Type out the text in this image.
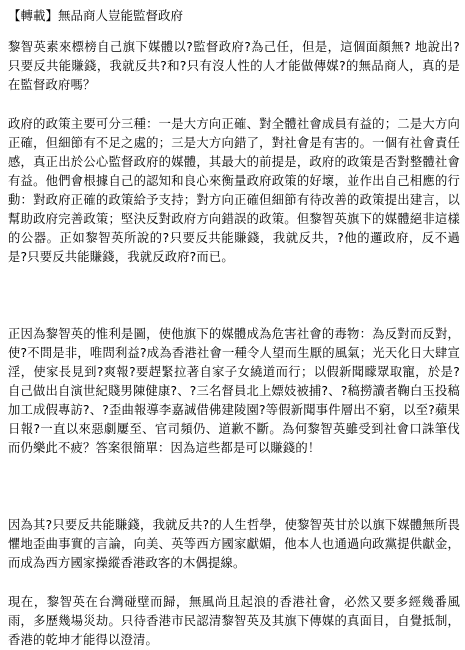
【轉載】無品商人豈能監督政府
黎智英素來標榜自己旗下媒體以?監督政府?為己任，但是，這個面顏無? 地說出?只要反共能賺錢，我就反共?和?只有沒人性的人才能做傳媒?的無品商人，真的是在監督政府嗎？
政府的政策主要可分三種：一是大方向正確、對全體社會成員有益的；二是大方向正確，但細節有不足之處的；三是大方向錯了，對社會是有害的。一個有社會責任感，真正出於公心監督政府的媒體，其最大的前提是，政府的政策是否對整體社會有益。他們會根據自己的認知和良心來衡量政府政策的好壞，並作出自己相應的行動：對政府正確的政策給予支持；對方向正確但細節有待改善的政策提出建言，以幫助政府完善政策；堅決反對政府方向錯誤的政策。但黎智英旗下的媒體絕非這樣的公器。正如黎智英所說的?只要反共能賺錢，我就反共，?他的邏政府，反不過是?只要反共能賺錢，我就反政府?而已。
正因為黎智英的惟利是圖，使他旗下的媒體成為危害社會的毒物：為反對而反對，使?不問是非，唯問利益?成為香港社會一種令人望而生厭的風氣；光天化日大肆宣淫，使家長見到?爽報?要趕緊拉著自家子女繞道而行；以假新聞矇眾取寵，於是?自己做出自演世紀賤男陳健康?、?三名督員北上嫖妓被捕?、?稿撈讀者鞠白玉投稿加工成假專訪?、?歪曲報導李嘉誠借佛建陵園?等假新聞事件層出不窮，以至?蘋果日報?一直以來惡劇屢至、官司頻仍、道歉不斷。為何黎智英雖受到社會口誅筆伐而仍樂此不疲？答案很簡單：因為這些都是可以賺錢的！
因為其?只要反共能賺錢，我就反共?的人生哲學，使黎智英甘於以旗下媒體無所畏懼地歪曲事實的言論，向美、英等西方國家獻媚，他本人也通過向政黨提供獻金，而成為西方國家操縱香港政客的木偶提線。
現在，黎智英在台灣碰壁而歸，無風尚且起浪的香港社會，必然又要多經幾番風雨，多歷幾場災劫。只待香港市民認清黎智英及其旗下傳媒的真面目，自覺抵制，香港的乾坤才能得以澄清。
